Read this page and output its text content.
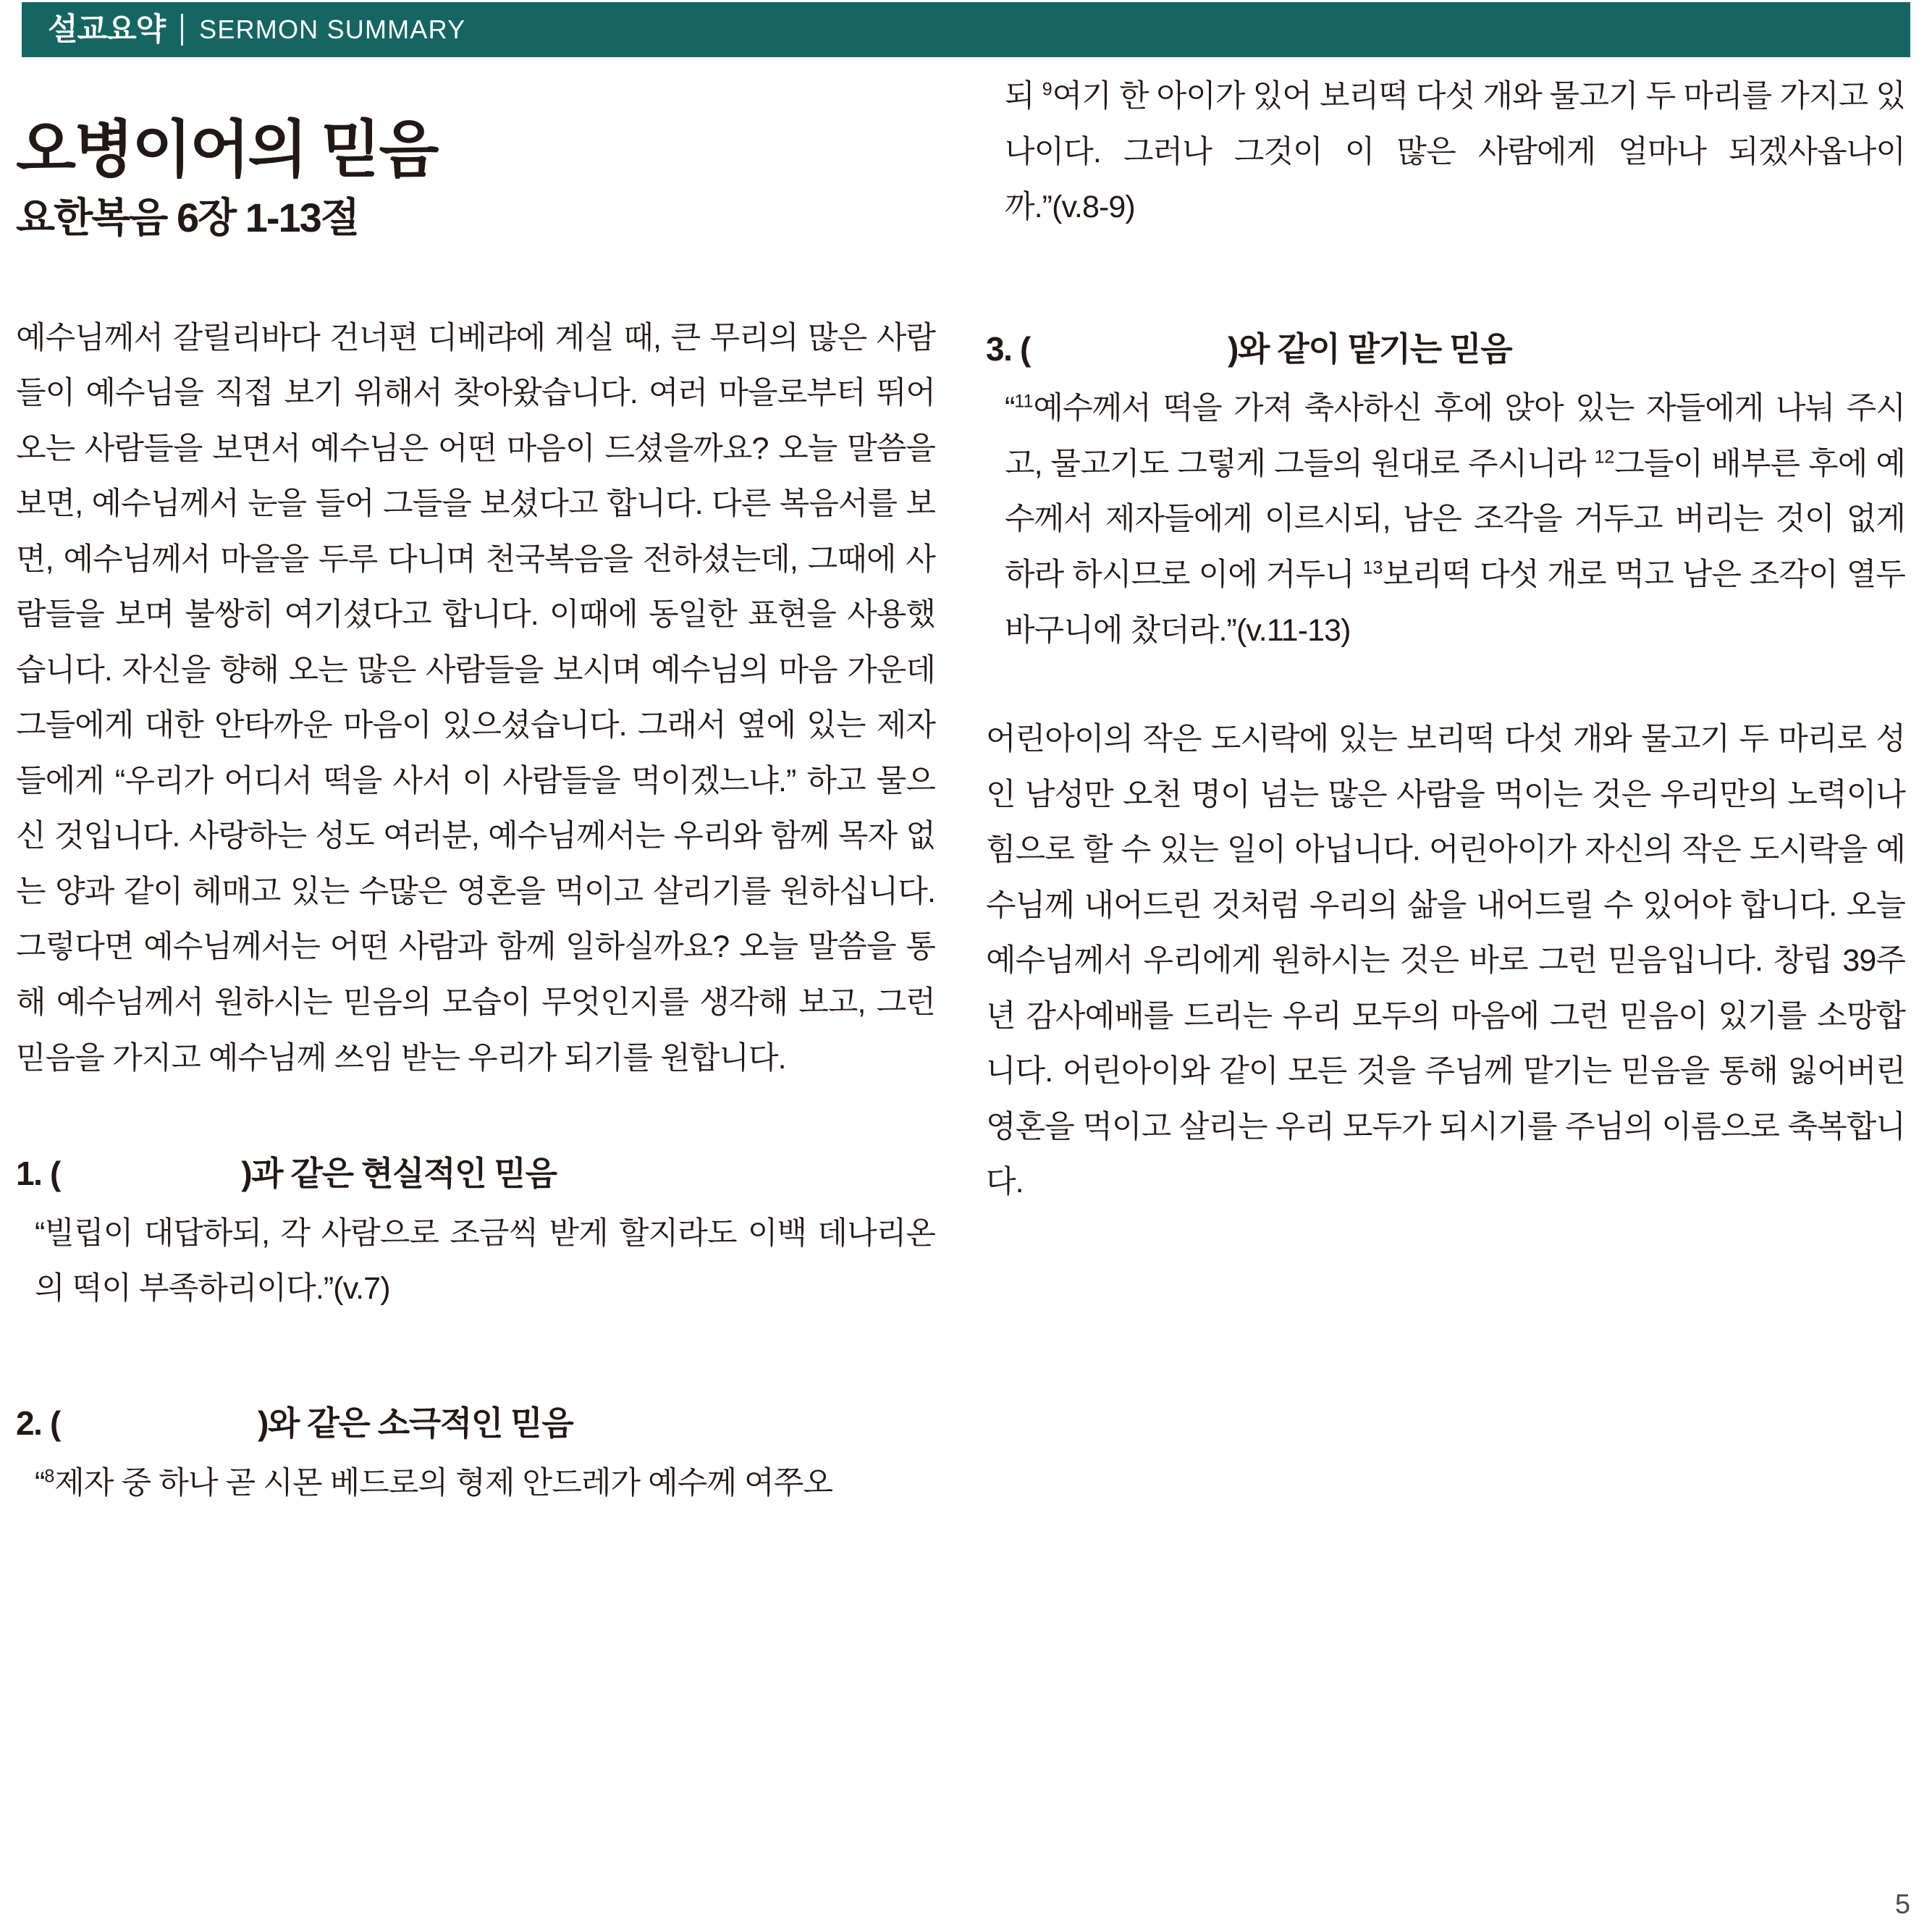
설교요약 SERMON SUMMARY
오병이어의 믿음
요한복음 6장 1-13절

예수님께서 갈릴리바다 건너편 디베랴에 계실 때, 큰 무리의 많은 사람들이 예수님을 직접 보기 위해서 찾아왔습니다. 여러 마을로부터 뛰어오는 사람들을 보면서 예수님은 어떤 마음이 드셨을까요? 오늘 말씀을 보면, 예수님께서 눈을 들어 그들을 보셨다고 합니다. 다른 복음서를 보면, 예수님께서 마을을 두루 다니며 천국복음을 전하셨는데, 그때에 사람들을 보며 불쌍히 여기셨다고 합니다. 이때에 동일한 표현을 사용했습니다. 자신을 향해 오는 많은 사람들을 보시며 예수님의 마음 가운데 그들에게 대한 안타까운 마음이 있으셨습니다. 그래서 옆에 있는 제자들에게 “우리가 어디서 떡을 사서 이 사람들을 먹이겠느냐.” 하고 물으신 것입니다. 사랑하는 성도 여러분, 예수님께서는 우리와 함께 목자 없는 양과 같이 헤매고 있는 수많은 영혼을 먹이고 살리기를 원하십니다. 그렇다면 예수님께서는 어떤 사람과 함께 일하실까요? 오늘 말씀을 통해 예수님께서 원하시는 믿음의 모습이 무엇인지를 생각해 보고, 그런 믿음을 가지고 예수님께 쓰임 받는 우리가 되기를 원합니다.

1. (                      )과 같은 현실적인 믿음

“빌립이 대답하되, 각 사람으로 조금씩 받게 할지라도 이백 데나리온의 떡이 부족하리이다.”(v.7)

2. (                        )와 같은 소극적인 믿음

“$^8$제자 중 하나 곧 시몬 베드로의 형제 안드레가 예수께 여쭈오

되 $^9$여기 한 아이가 있어 보리떡 다섯 개와 물고기 두 마리를 가지고 있나이다. 그러나 그것이 이 많은 사람에게 얼마나 되겠사옵나이까.”(v.8-9)

3. (                        )와 같이 맡기는 믿음

“$^{11}$예수께서 떡을 가져 축사하신 후에 앉아 있는 자들에게 나눠 주시고, 물고기도 그렇게 그들의 원대로 주시니라 $^{12}$그들이 배부른 후에 예수께서 제자들에게 이르시되, 남은 조각을 거두고 버리는 것이 없게 하라 하시므로 이에 거두니 $^{13}$보리떡 다섯 개로 먹고 남은 조각이 열두 바구니에 찼더라.”(v.11-13)

어린아이의 작은 도시락에 있는 보리떡 다섯 개와 물고기 두 마리로 성인 남성만 오천 명이 넘는 많은 사람을 먹이는 것은 우리만의 노력이나 힘으로 할 수 있는 일이 아닙니다. 어린아이가 자신의 작은 도시락을 예수님께 내어드린 것처럼 우리의 삶을 내어드릴 수 있어야 합니다. 오늘 예수님께서 우리에게 원하시는 것은 바로 그런 믿음입니다. 창립 39주년 감사예배를 드리는 우리 모두의 마음에 그런 믿음이 있기를 소망합니다. 어린아이와 같이 모든 것을 주님께 맡기는 믿음을 통해 잃어버린 영혼을 먹이고 살리는 우리 모두가 되시기를 주님의 이름으로 축복합니다.

5
